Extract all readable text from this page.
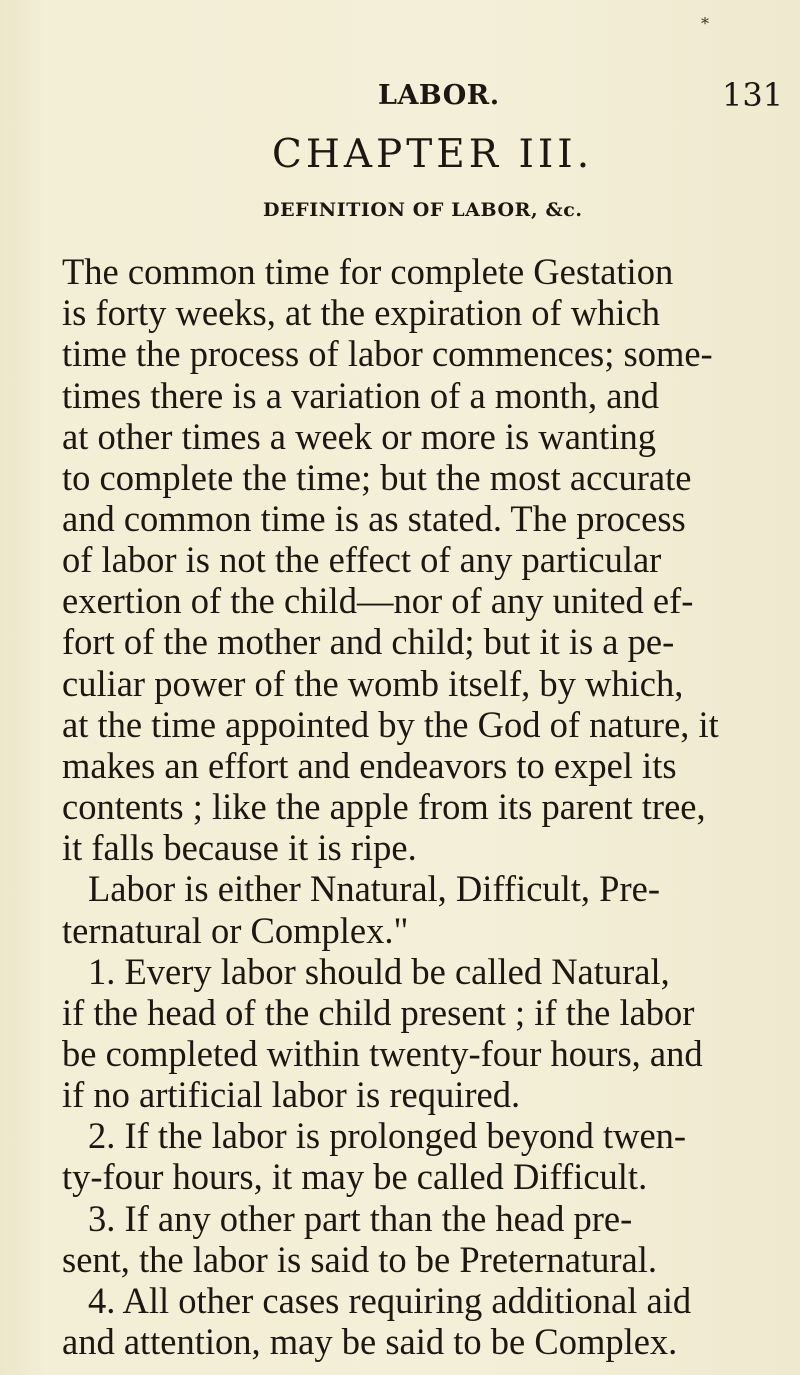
*
LABOR.	131
CHAPTER III.
DEFINITION OF LABOR, &c.
The common time for complete Gestation
is forty weeks, at the expiration of which
time the process of labor commences; some-
times there is a variation of a month, and
at other times a week or more is wanting
to complete the time; but the most accurate
and common time is as stated. The process
of labor is not the effect of any particular
exertion of the child—nor of any united ef-
fort of the mother and child; but it is a pe-
culiar power of the womb itself, by which,
at the time appointed by the God of nature, it
makes an effort and endeavors to expel its
contents ; like the apple from its parent tree,
it falls because it is ripe.
Labor is either Nnatural, Difficult, Pre-
ternatural or Complex."
1. Every labor should be called Natural,
if the head of the child present ; if the labor
be completed within twenty-four hours, and
if no artificial labor is required.
2. If the labor is prolonged beyond twen-
ty-four hours, it may be called Difficult.
3. If any other part than the head pre-
sent, the labor is said to be Preternatural.
4. All other cases requiring additional aid
and attention, may be said to be Complex.
